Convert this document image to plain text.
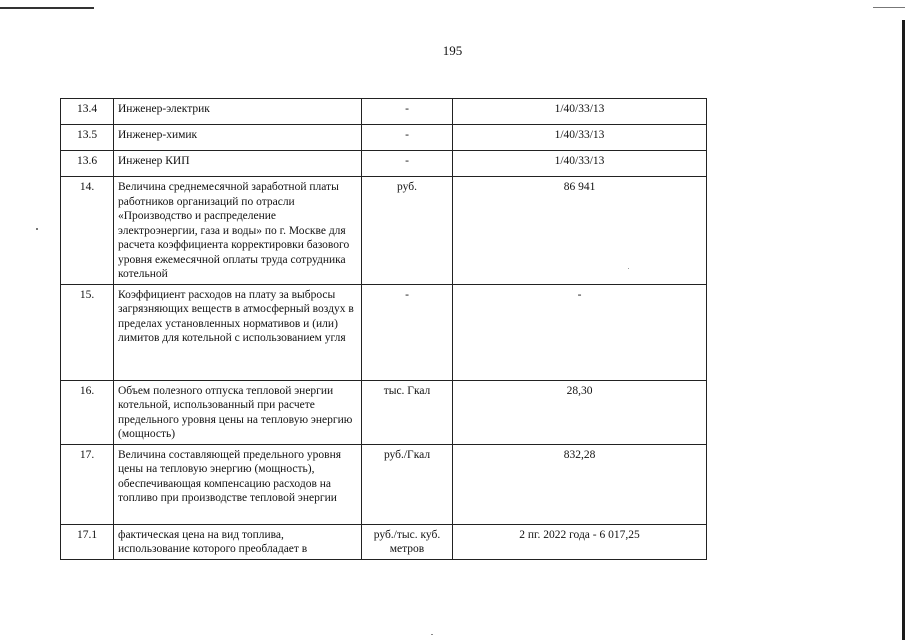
195
13.4	Инженер-электрик	-	1/40/33/13
13.5	Инженер-химик	-	1/40/33/13
13.6	Инженер КИП	-	1/40/33/13
14.	Величина среднемесячной заработной платы работников организаций по отрасли «Производство и распределение электроэнергии, газа и воды» по г. Москве для расчета коэффициента корректировки базового уровня ежемесячной оплаты труда сотрудника котельной	руб.	86 941
15.	Коэффициент расходов на плату за выбросы загрязняющих веществ в атмосферный воздух в пределах установленных нормативов и (или) лимитов для котельной с использованием угля	-	-
16.	Объем полезного отпуска тепловой энергии котельной, использованный при расчете предельного уровня цены на тепловую энергию (мощность)	тыс. Гкал	28,30
17.	Величина составляющей предельного уровня цены на тепловую энергию (мощность), обеспечивающая компенсацию расходов на топливо при производстве тепловой энергии	руб./Гкал	832,28
17.1	фактическая цена на вид топлива, использование которого преобладает в	руб./тыс. куб. метров	2 пг. 2022 года - 6 017,25
